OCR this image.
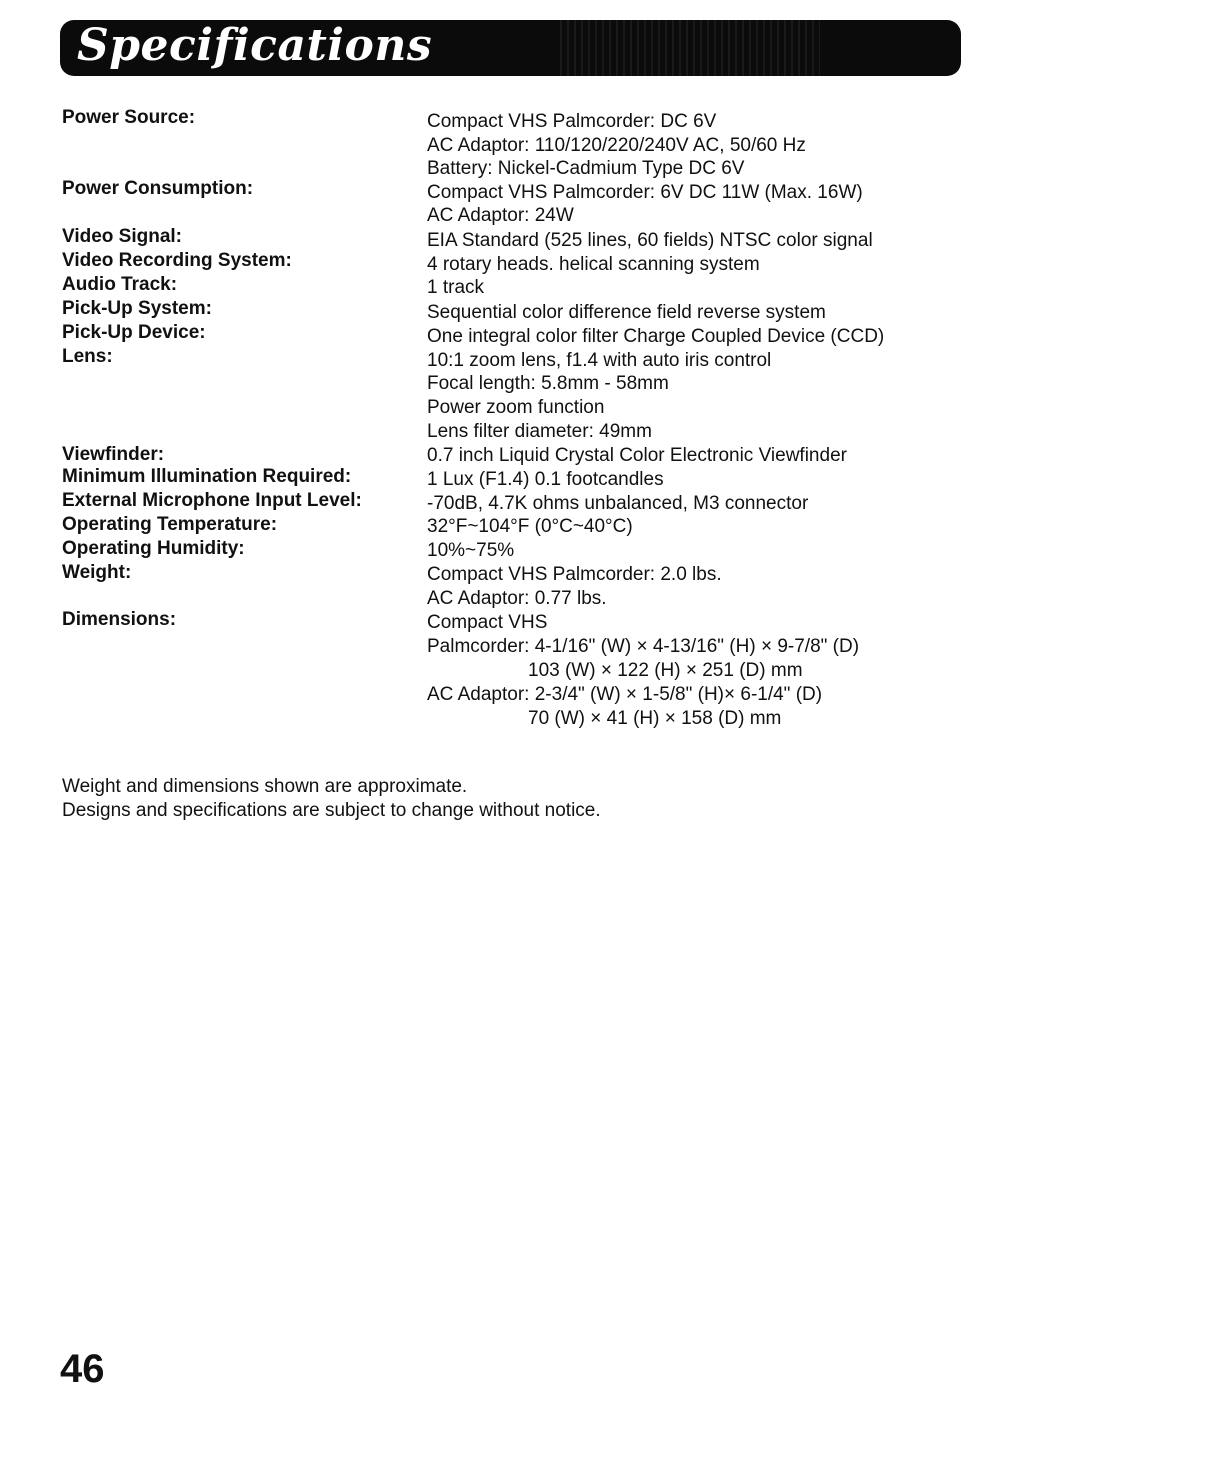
Specifications
Power Source:
Power Consumption:
Video Signal:
Video Recording System:
Audio Track:
Pick-Up System:
Pick-Up Device:
Lens:
Viewfinder:
Minimum Illumination Required:
External Microphone Input Level:
Operating Temperature:
Operating Humidity:
Weight:
Dimensions:
Compact VHS Palmcorder: DC 6V
AC Adaptor: 110/120/220/240V AC, 50/60 Hz
Battery: Nickel-Cadmium Type DC 6V
Compact VHS Palmcorder: 6V DC 11W (Max. 16W)
AC Adaptor: 24W
EIA Standard (525 lines, 60 fields) NTSC color signal
4 rotary heads. helical scanning system
1 track
Sequential color difference field reverse system
One integral color filter Charge Coupled Device (CCD)
10:1 zoom lens, f1.4 with auto iris control
Focal length: 5.8mm - 58mm
Power zoom function
Lens filter diameter: 49mm
0.7 inch Liquid Crystal Color Electronic Viewfinder
1 Lux (F1.4) 0.1 footcandles
-70dB, 4.7K ohms unbalanced, M3 connector
32°F~104°F (0°C~40°C)
10%~75%
Compact VHS Palmcorder: 2.0 lbs.
AC Adaptor: 0.77 lbs.
Compact VHS
Palmcorder: 4-1/16" (W) × 4-13/16" (H) × 9-7/8" (D)
103 (W) × 122 (H) × 251 (D) mm
AC Adaptor: 2-3/4" (W) × 1-5/8" (H)× 6-1/4" (D)
70 (W) × 41 (H) × 158 (D) mm
Weight and dimensions shown are approximate.
Designs and specifications are subject to change without notice.
46
